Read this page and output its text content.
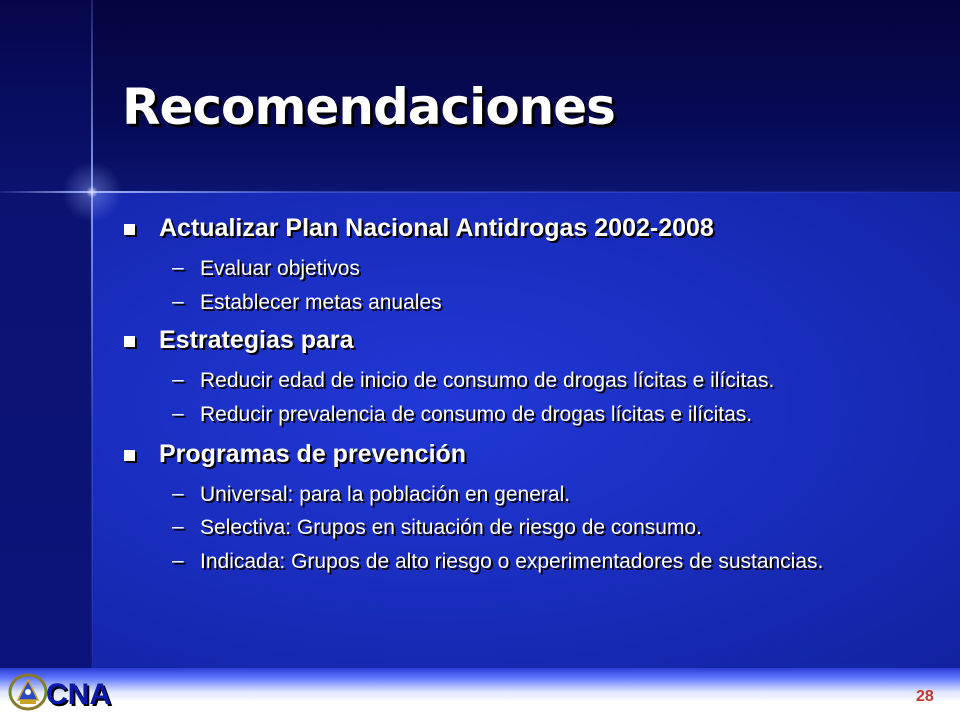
Recomendaciones
Actualizar Plan Nacional Antidrogas 2002-2008
– Evaluar objetivos
– Establecer metas anuales
Estrategias para
– Reducir edad de inicio de consumo de drogas lícitas e ilícitas.
– Reducir prevalencia de consumo de drogas lícitas e ilícitas.
Programas de prevención
– Universal: para la población en general.
– Selectiva: Grupos en situación de riesgo de consumo.
– Indicada: Grupos de alto riesgo o experimentadores de sustancias.
CNA	28
